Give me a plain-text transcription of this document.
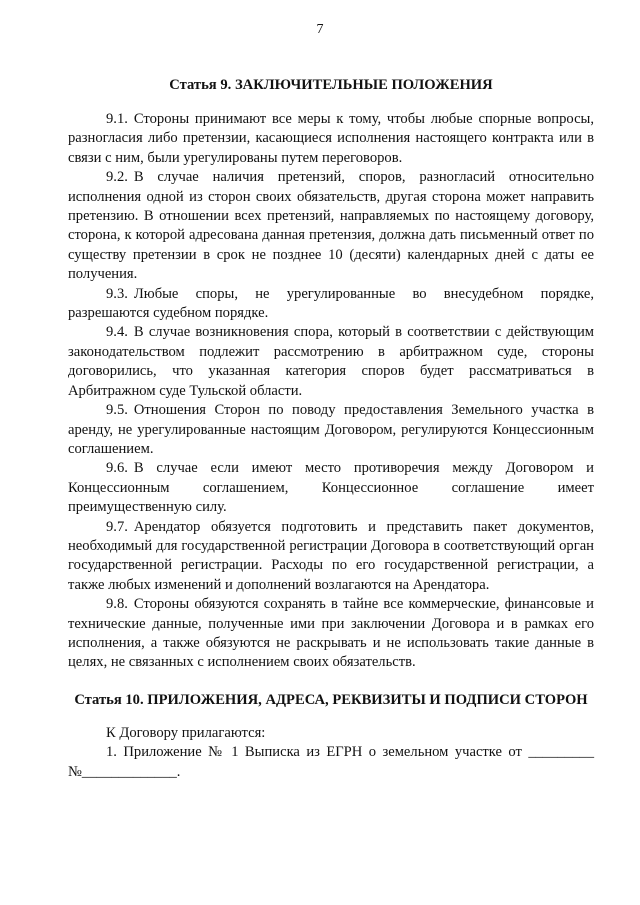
7
Статья 9. ЗАКЛЮЧИТЕЛЬНЫЕ ПОЛОЖЕНИЯ

9.1. Стороны принимают все меры к тому, чтобы любые спорные вопросы, разногласия либо претензии, касающиеся исполнения настоящего контракта или в связи с ним, были урегулированы путем переговоров.

9.2. В случае наличия претензий, споров, разногласий относительно исполнения одной из сторон своих обязательств, другая сторона может направить претензию. В отношении всех претензий, направляемых по настоящему договору, сторона, к которой адресована данная претензия, должна дать письменный ответ по существу претензии в срок не позднее 10 (десяти) календарных дней с даты ее получения.

9.3. Любые споры, не урегулированные во внесудебном порядке, разрешаются судебном порядке.

9.4. В случае возникновения спора, который в соответствии с действующим законодательством подлежит рассмотрению в арбитражном суде, стороны договорились, что указанная категория споров будет рассматриваться в Арбитражном суде Тульской области.

9.5. Отношения Сторон по поводу предоставления Земельного участка в аренду, не урегулированные настоящим Договором, регулируются Концессионным соглашением.

9.6. В случае если имеют место противоречия между Договором и Концессионным соглашением, Концессионное соглашение имеет преимущественную силу.

9.7. Арендатор обязуется подготовить и представить пакет документов, необходимый для государственной регистрации Договора в соответствующий орган государственной регистрации. Расходы по его государственной регистрации, а также любых изменений и дополнений возлагаются на Арендатора.

9.8. Стороны обязуются сохранять в тайне все коммерческие, финансовые и технические данные, полученные ими при заключении Договора и в рамках его исполнения, а также обязуются не раскрывать и не использовать такие данные в целях, не связанных с исполнением своих обязательств.

Статья 10. ПРИЛОЖЕНИЯ, АДРЕСА, РЕКВИЗИТЫ И ПОДПИСИ СТОРОН

К Договору прилагаются:

1. Приложение № 1 Выписка из ЕГРН о земельном участке от _________ №_____________.
